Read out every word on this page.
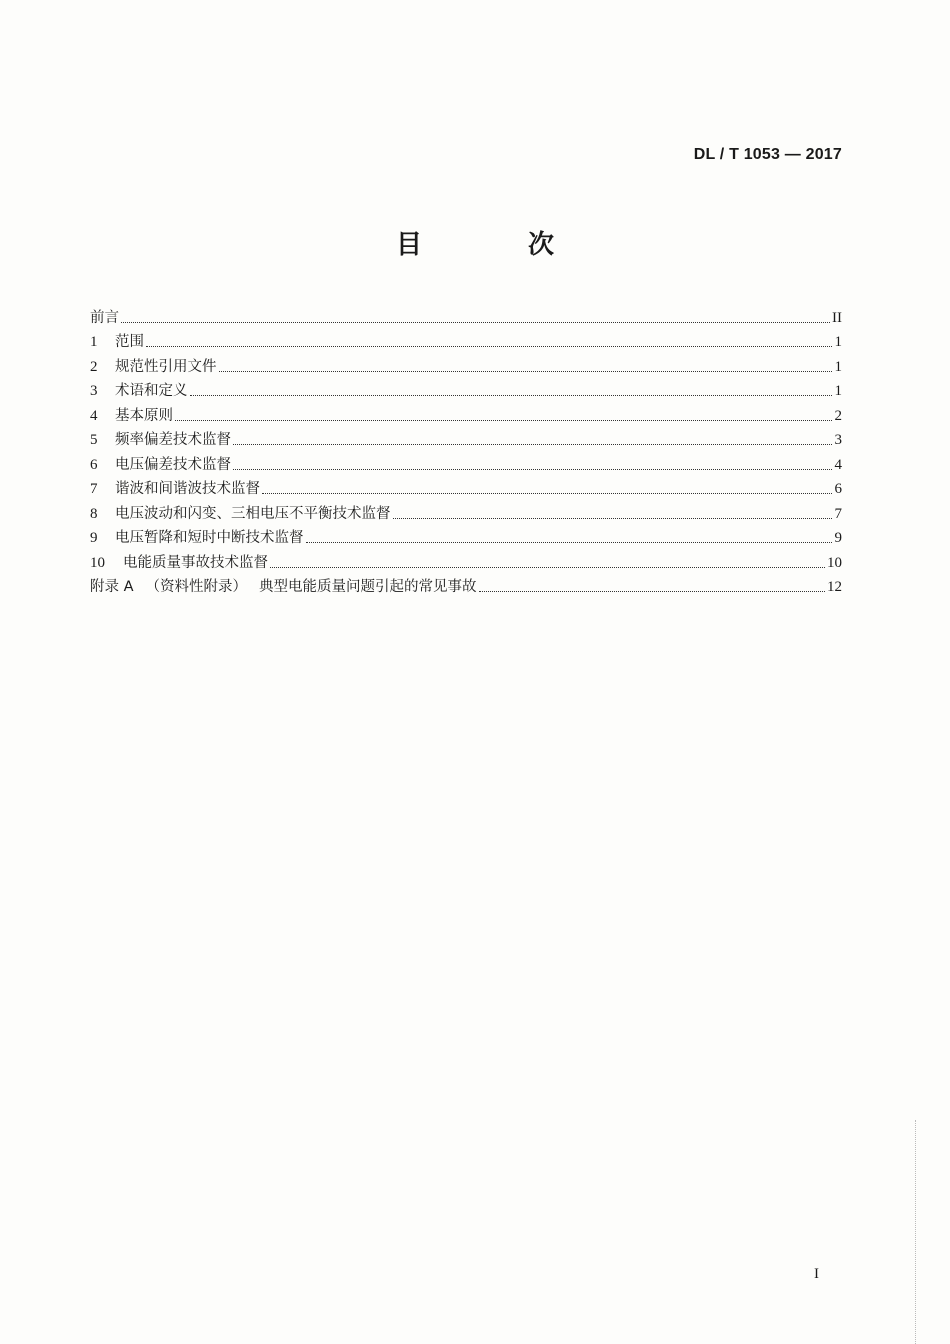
DL / T 1053 — 2017
目　次
前言	II
1	范围	1
2	规范性引用文件	1
3	术语和定义	1
4	基本原则	2
5	频率偏差技术监督	3
6	电压偏差技术监督	4
7	谐波和间谐波技术监督	6
8	电压波动和闪变、三相电压不平衡技术监督	7
9	电压暂降和短时中断技术监督	9
10	电能质量事故技术监督	10
附录 A （资料性附录） 典型电能质量问题引起的常见事故	12
I
